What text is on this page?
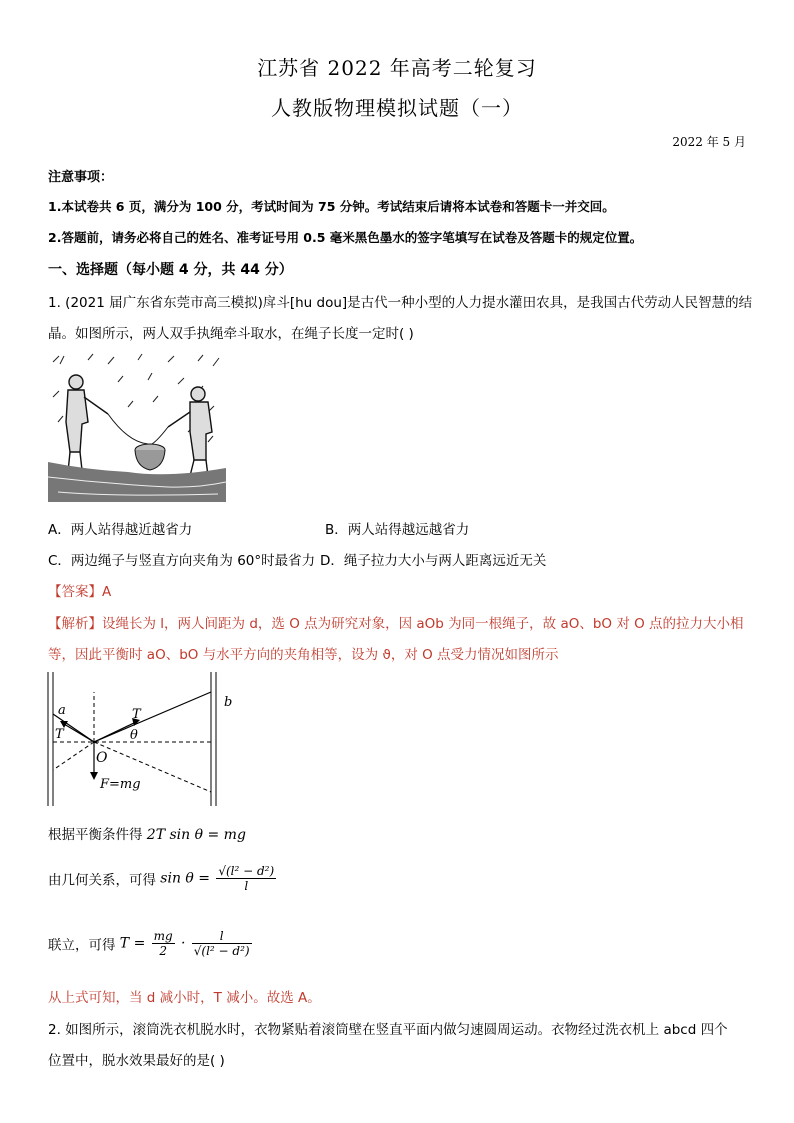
江苏省 2022 年高考二轮复习
人教版物理模拟试题（一）
2022 年 5 月
注意事项：
1.本试卷共 6 页，满分为 100 分，考试时间为 75 分钟。考试结束后请将本试卷和答题卡一并交回。
2.答题前，请务必将自己的姓名、准考证号用 0.5 毫米黑色墨水的签字笔填写在试卷及答题卡的规定位置。
一、选择题（每小题 4 分，共 44 分）
1. (2021 届广东省东莞市高三模拟)戽斗[hu dou]是古代一种小型的人力提水灌田农具，是我国古代劳动人民智慧的结
晶。如图所示，两人双手执绳牵斗取水，在绳子长度一定时( )
A．两人站得越近越省力	B．两人站得越远越省力
C．两边绳子与竖直方向夹角为 60°时最省力 D．绳子拉力大小与两人距离远近无关
【答案】A
【解析】设绳长为 l，两人间距为 d，选 O 点为研究对象，因 aOb 为同一根绳子，故 aO、bO 对 O 点的拉力大小相
等，因此平衡时 aO、bO 与水平方向的夹角相等，设为 ϑ，对 O 点受力情况如图所示
a
b
T
T	θ
O
F=mg
根据平衡条件得 2T sin θ = mg
由几何关系，可得 $\sin \theta = \frac{\text{√(l² − d²)}}{l}$
联立，可得 $T = \frac{mg}{2} \cdot \frac{l}{\text{√(l² − d²)}}$
从上式可知，当 d 减小时，T 减小。故选 A。
2. 如图所示，滚筒洗衣机脱水时，衣物紧贴着滚筒壁在竖直平面内做匀速圆周运动。衣物经过洗衣机上 abcd 四个
位置中，脱水效果最好的是( )
